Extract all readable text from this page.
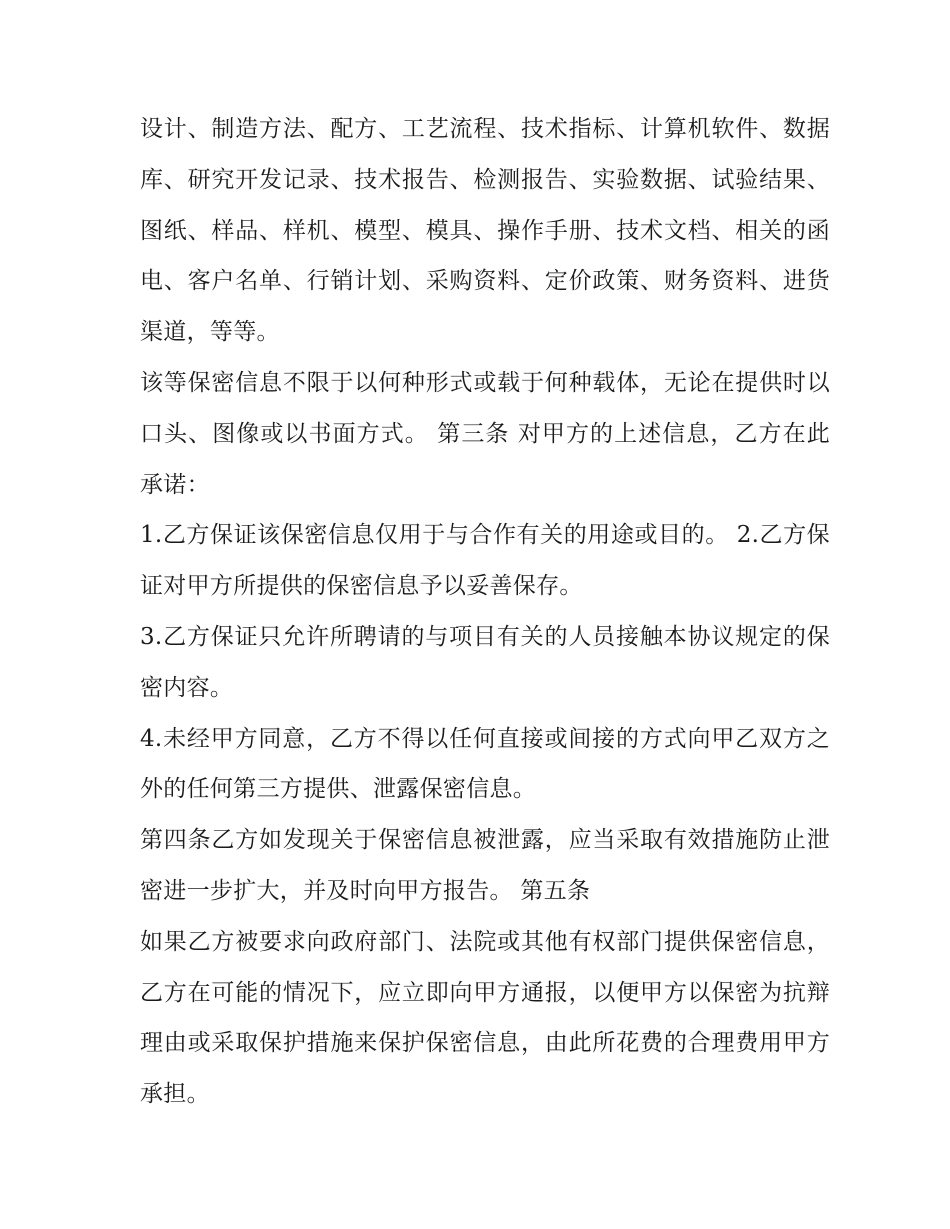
设计、制造方法、配方、工艺流程、技术指标、计算机软件、数据库、研究开发记录、技术报告、检测报告、实验数据、试验结果、图纸、样品、样机、模型、模具、操作手册、技术文档、相关的函电、客户名单、行销计划、采购资料、定价政策、财务资料、进货渠道，等等。

该等保密信息不限于以何种形式或载于何种载体，无论在提供时以口头、图像或以书面方式。 第三条 对甲方的上述信息，乙方在此承诺：

1.乙方保证该保密信息仅用于与合作有关的用途或目的。 2.乙方保证对甲方所提供的保密信息予以妥善保存。

3.乙方保证只允许所聘请的与项目有关的人员接触本协议规定的保密内容。

4.未经甲方同意，乙方不得以任何直接或间接的方式向甲乙双方之外的任何第三方提供、泄露保密信息。

第四条乙方如发现关于保密信息被泄露，应当采取有效措施防止泄密进一步扩大，并及时向甲方报告。 第五条

如果乙方被要求向政府部门、法院或其他有权部门提供保密信息，乙方在可能的情况下，应立即向甲方通报，以便甲方以保密为抗辩理由或采取保护措施来保护保密信息，由此所花费的合理费用甲方承担。
